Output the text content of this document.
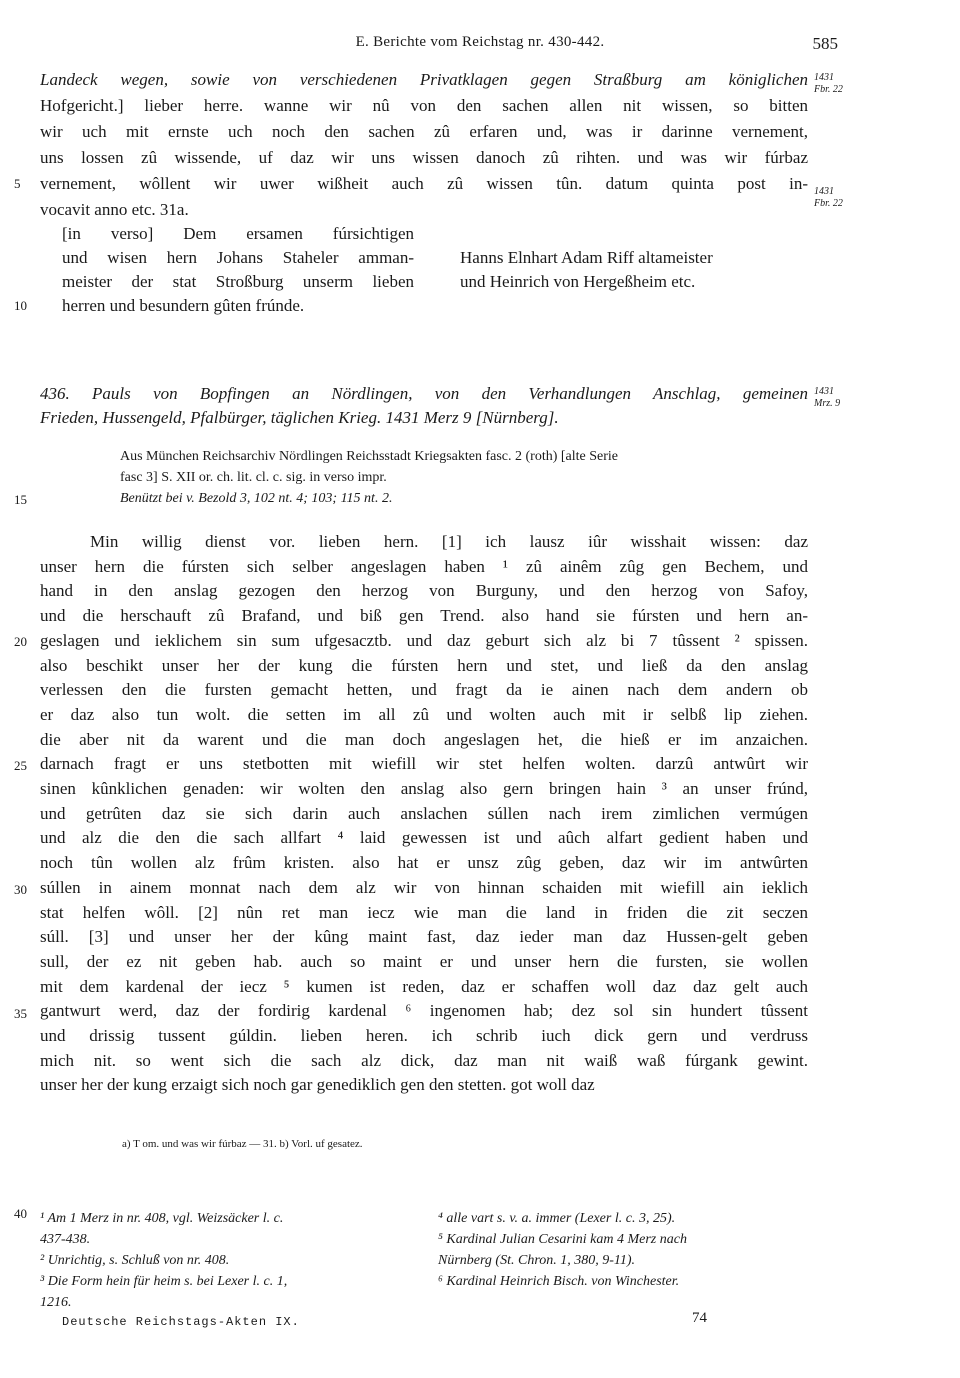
E. Berichte vom Reichstag nr. 430-442.	585
Landeck wegen, sowie von verschiedenen Privatklagen gegen Straßburg am königlichen
Hofgericht.] lieber herre. wanne wir nû von den sachen allen nit wissen, so bitten
wir uch mit ernste uch noch den sachen zû erfaren und, was ir darinne vernement,
uns lossen zû wissende, uf daz wir uns wissen danoch zû rihten. und was wir fúrbaz
vernement, wôllent wir uwer wißheit auch zû wissen tûn. datum quinta post in-
vocavit anno etc. 31a.
5
1431
Fbr. 22
1431
Fbr. 22
[in verso] Dem ersamen fúrsichtigen
und wisen hern Johans Staheler amman-
meister der stat Stroßburg unserm lieben
herren und besundern gûten frúnde.
Hanns Elnhart Adam Riff altameister
und Heinrich von Hergeßheim etc.
10
436. Pauls von Bopfingen an Nördlingen, von den Verhandlungen Anschlag, gemeinen
Frieden, Hussengeld, Pfalbürger, täglichen Krieg. 1431 Merz 9 [Nürnberg].
1431
Mrz. 9
Aus München Reichsarchiv Nördlingen Reichsstadt Kriegsakten fasc. 2 (roth) [alte Serie
fasc 3] S. XII or. ch. lit. cl. c. sig. in verso impr.
Benützt bei v. Bezold 3, 102 nt. 4; 103; 115 nt. 2.
15
Min willig dienst vor. lieben hern. [1] ich lausz iûr wisshait wissen: daz
unser hern die fúrsten sich selber angeslagen haben ¹ zû ainêm zûg gen Bechem, und
hand in den anslag gezogen den herzog von Burguny, und den herzog von Safoy,
und die herschauft zû Brafand, und biß gen Trend. also hand sie fúrsten und hern an-
geslagen und ieklichem sin sum ufgesacztb. und daz geburt sich alz bi 7 tûssent ² spissen.
also beschikt unser her der kung die fúrsten hern und stet, und ließ da den anslag
verlessen den die fursten gemacht hetten, und fragt da ie ainen nach dem andern ob
er daz also tun wolt. die setten im all zû und wolten auch mit ir selbß lip ziehen.
die aber nit da warent und die man doch angeslagen het, die hieß er im anzaichen.
darnach fragt er uns stetbotten mit wiefill wir stet helfen wolten. darzû antwûrt wir
sinen kûnklichen genaden: wir wolten den anslag also gern bringen hain ³ an unser frúnd,
und getrûten daz sie sich darin auch anslachen súllen nach irem zimlichen vermúgen
und alz die den die sach allfart ⁴ laid gewessen ist und aûch alfart gedient haben und
noch tûn wollen alz frûm kristen. also hat er unsz zûg geben, daz wir im antwûrten
súllen in ainem monnat nach dem alz wir von hinnan schaiden mit wiefill ain ieklich
stat helfen wôll. [2] nûn ret man iecz wie man die land in friden die zit seczen
súll. [3] und unser her der kûng maint fast, daz ieder man daz Hussen-gelt geben
sull, der ez nit geben hab. auch so maint er und unser hern die fursten, sie wollen
mit dem kardenal der iecz ⁵ kumen ist reden, daz er schaffen woll daz daz gelt auch
gantwurt werd, daz der fordirig kardenal ⁶ ingenomen hab; dez sol sin hundert tûssent
und drissig tussent gúldin. lieben heren. ich schrib iuch dick gern und verdruss
mich nit. so went sich die sach alz dick, daz man nit waiß waß fúrgank gewint.
unser her der kung erzaigt sich noch gar genediklich gen den stetten. got woll daz
20
25
30
35
a) T om. und was wir fúrbaz — 31. b) Vorl. uf gesatez.
40 ¹ Am 1 Merz in nr. 408, vgl. Weizsäcker l. c.
437-438.
² Unrichtig, s. Schluß von nr. 408.
³ Die Form hein für heim s. bei Lexer l. c. 1,
1216.
⁴ alle vart s. v. a. immer (Lexer l. c. 3, 25).
⁵ Kardinal Julian Cesarini kam 4 Merz nach
Nürnberg (St. Chron. 1, 380, 9-11).
⁶ Kardinal Heinrich Bisch. von Winchester.
Deutsche Reichstags-Akten IX.	74
